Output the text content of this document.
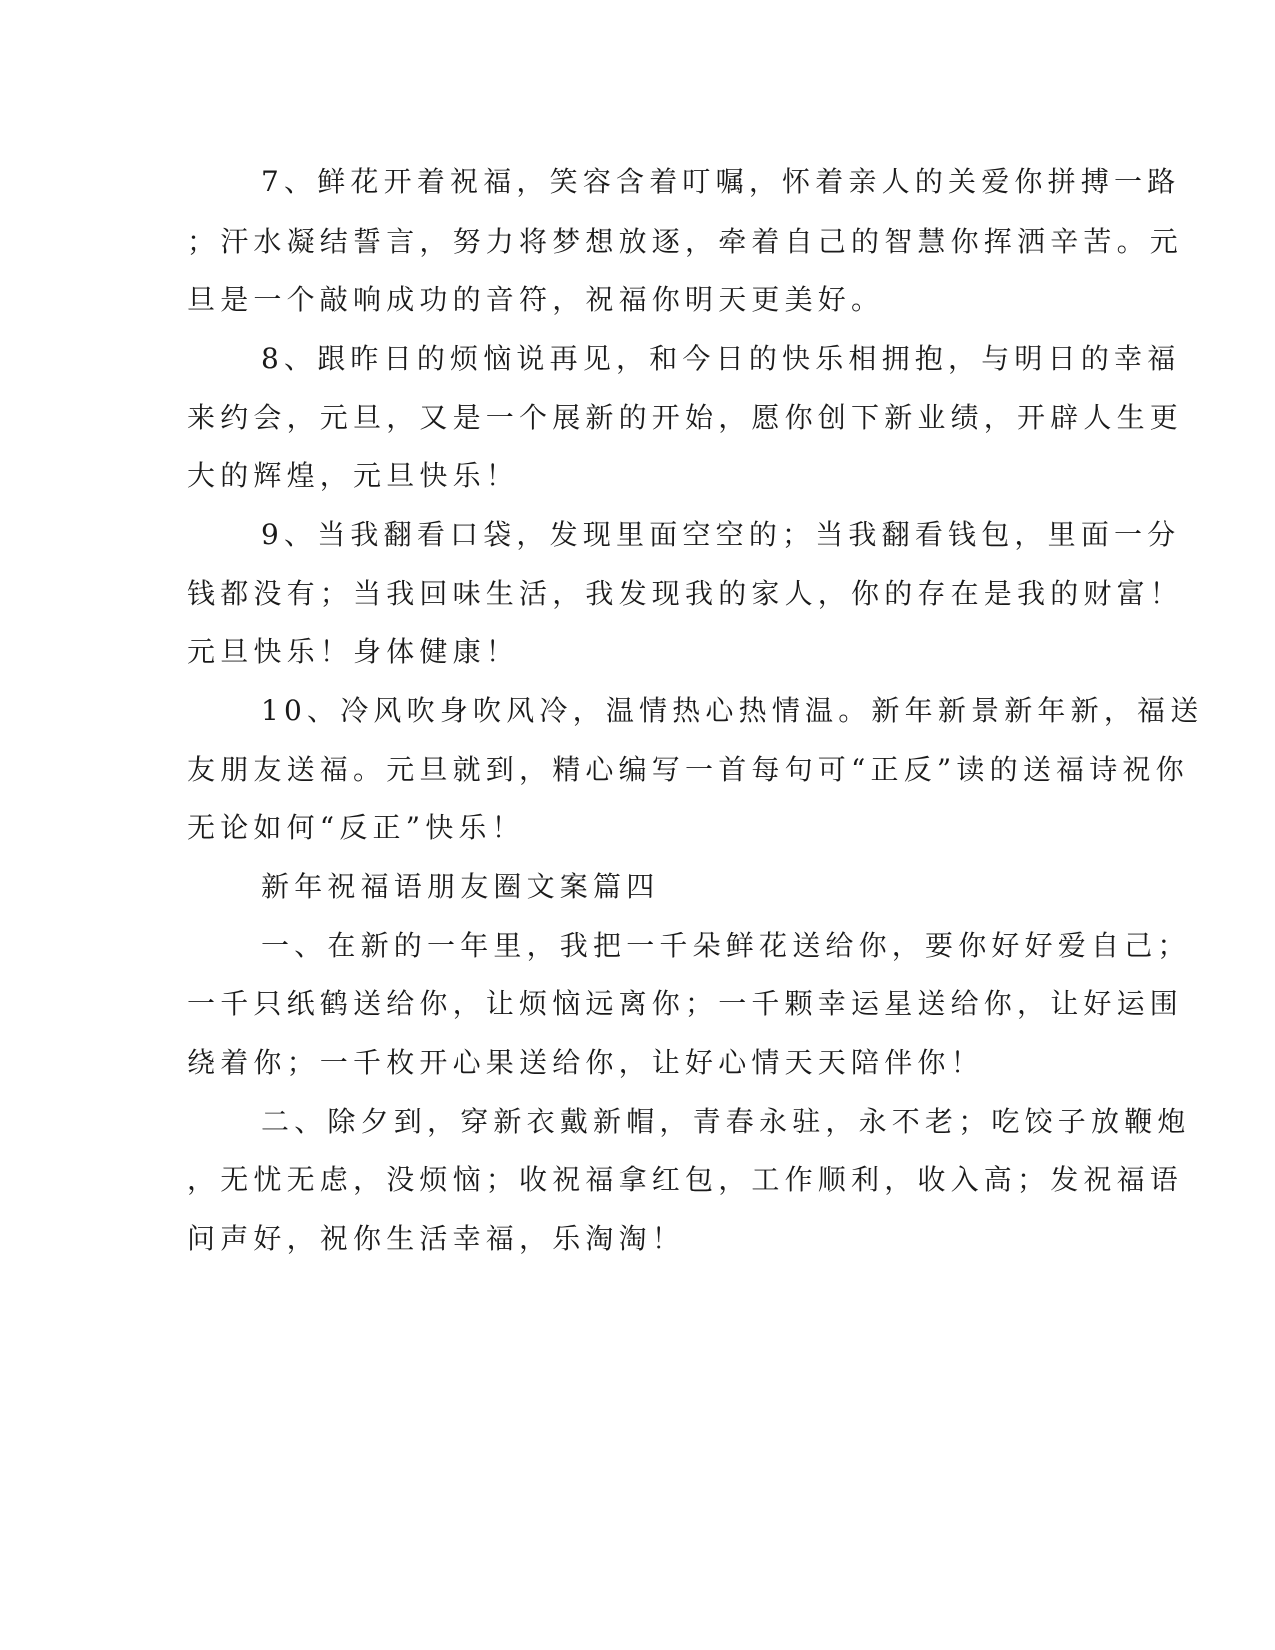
7、鲜花开着祝福，笑容含着叮嘱，怀着亲人的关爱你拼搏一路
；汗水凝结誓言，努力将梦想放逐，牵着自己的智慧你挥洒辛苦。元
旦是一个敲响成功的音符，祝福你明天更美好。
8、跟昨日的烦恼说再见，和今日的快乐相拥抱，与明日的幸福
来约会，元旦，又是一个展新的开始，愿你创下新业绩，开辟人生更
大的辉煌，元旦快乐！
9、当我翻看口袋，发现里面空空的；当我翻看钱包，里面一分
钱都没有；当我回味生活，我发现我的家人，你的存在是我的财富！
元旦快乐！身体健康！
10、冷风吹身吹风冷，温情热心热情温。新年新景新年新，福送
友朋友送福。元旦就到，精心编写一首每句可“正反”读的送福诗祝你
无论如何“反正”快乐！
新年祝福语朋友圈文案篇四
一、在新的一年里，我把一千朵鲜花送给你，要你好好爱自己；
一千只纸鹤送给你，让烦恼远离你；一千颗幸运星送给你，让好运围
绕着你；一千枚开心果送给你，让好心情天天陪伴你！
二、除夕到，穿新衣戴新帽，青春永驻，永不老；吃饺子放鞭炮
，无忧无虑，没烦恼；收祝福拿红包，工作顺利，收入高；发祝福语
问声好，祝你生活幸福，乐淘淘！
